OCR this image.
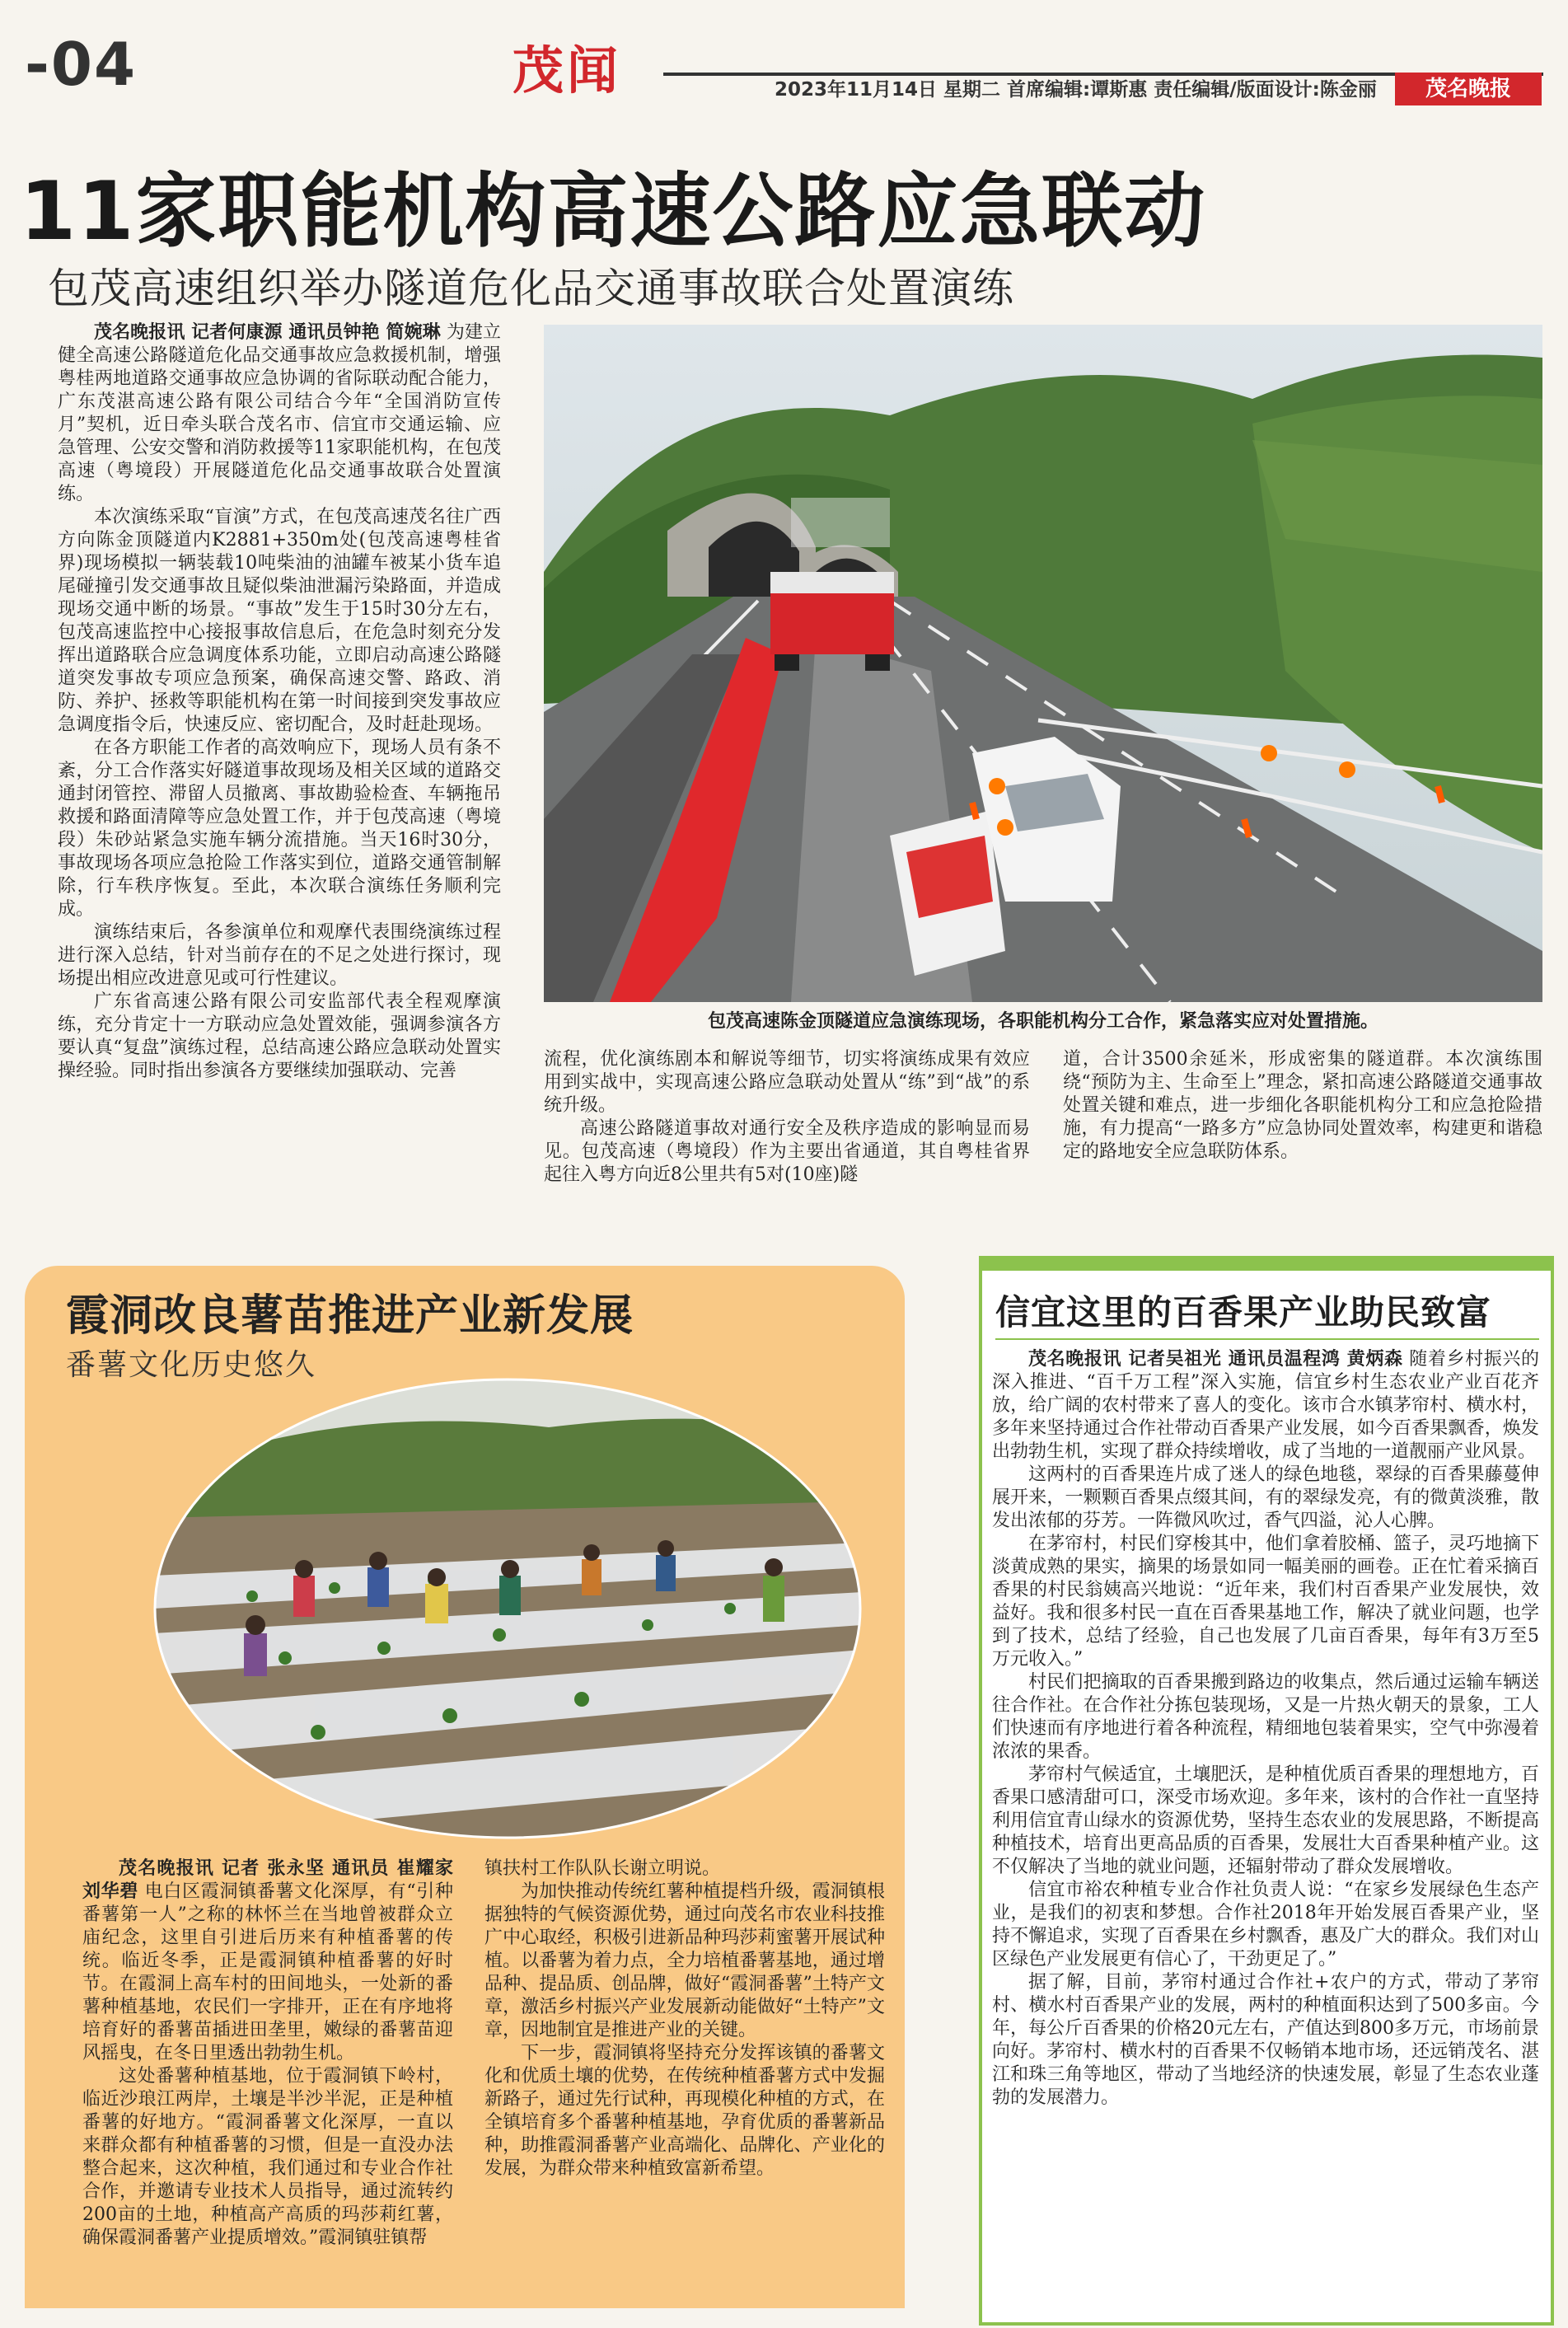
-04	茂闻	2023年11月14日 星期二 首席编辑:谭斯惠 责任编辑/版面设计:陈金丽	茂名晚报
11家职能机构高速公路应急联动
包茂高速组织举办隧道危化品交通事故联合处置演练

茂名晚报讯 记者何康源 通讯员钟艳 简婉琳 为建立健全高速公路隧道危化品交通事故应急救援机制，增强粤桂两地道路交通事故应急协调的省际联动配合能力，广东茂湛高速公路有限公司结合今年“全国消防宣传月”契机，近日牵头联合茂名市、信宜市交通运输、应急管理、公安交警和消防救援等11家职能机构，在包茂高速（粤境段）开展隧道危化品交通事故联合处置演练。

本次演练采取“盲演”方式，在包茂高速茂名往广西方向陈金顶隧道内K2881+350m处(包茂高速粤桂省界)现场模拟一辆装载10吨柴油的油罐车被某小货车追尾碰撞引发交通事故且疑似柴油泄漏污染路面，并造成现场交通中断的场景。“事故”发生于15时30分左右，包茂高速监控中心接报事故信息后，在危急时刻充分发挥出道路联合应急调度体系功能，立即启动高速公路隧道突发事故专项应急预案，确保高速交警、路政、消防、养护、拯救等职能机构在第一时间接到突发事故应急调度指令后，快速反应、密切配合，及时赶赴现场。

在各方职能工作者的高效响应下，现场人员有条不紊，分工合作落实好隧道事故现场及相关区域的道路交通封闭管控、滞留人员撤离、事故勘验检查、车辆拖吊救援和路面清障等应急处置工作，并于包茂高速（粤境段）朱砂站紧急实施车辆分流措施。当天16时30分，事故现场各项应急抢险工作落实到位，道路交通管制解除，行车秩序恢复。至此，本次联合演练任务顺利完成。

演练结束后，各参演单位和观摩代表围绕演练过程进行深入总结，针对当前存在的不足之处进行探讨，现场提出相应改进意见或可行性建议。

广东省高速公路有限公司安监部代表全程观摩演练，充分肯定十一方联动应急处置效能，强调参演各方要认真“复盘”演练过程，总结高速公路应急联动处置实操经验。同时指出参演各方要继续加强联动、完善

包茂高速陈金顶隧道应急演练现场，各职能机构分工合作，紧急落实应对处置措施。

流程，优化演练剧本和解说等细节，切实将演练成果有效应用到实战中，实现高速公路应急联动处置从“练”到“战”的系统升级。

高速公路隧道事故对通行安全及秩序造成的影响显而易见。包茂高速（粤境段）作为主要出省通道，其自粤桂省界起往入粤方向近8公里共有5对(10座)隧

道，合计3500余延米，形成密集的隧道群。本次演练围绕“预防为主、生命至上”理念，紧扣高速公路隧道交通事故处置关键和难点，进一步细化各职能机构分工和应急抢险措施，有力提高“一路多方”应急协同处置效率，构建更和谐稳定的路地安全应急联防体系。

霞洞改良薯苗推进产业新发展
番薯文化历史悠久

茂名晚报讯 记者 张永坚 通讯员 崔耀家 刘华碧 电白区霞洞镇番薯文化深厚，有“引种番薯第一人”之称的林怀兰在当地曾被群众立庙纪念，这里自引进后历来有种植番薯的传统。临近冬季，正是霞洞镇种植番薯的好时节。在霞洞上高车村的田间地头，一处新的番薯种植基地，农民们一字排开，正在有序地将培育好的番薯苗插进田垄里，嫩绿的番薯苗迎风摇曳，在冬日里透出勃勃生机。

这处番薯种植基地，位于霞洞镇下岭村，临近沙琅江两岸，土壤是半沙半泥，正是种植番薯的好地方。“霞洞番薯文化深厚，一直以来群众都有种植番薯的习惯，但是一直没办法整合起来，这次种植，我们通过和专业合作社合作，并邀请专业技术人员指导，通过流转约200亩的土地，种植高产高质的玛莎莉红薯，确保霞洞番薯产业提质增效。”霞洞镇驻镇帮

镇扶村工作队队长谢立明说。

为加快推动传统红薯种植提档升级，霞洞镇根据独特的气候资源优势，通过向茂名市农业科技推广中心取经，积极引进新品种玛莎莉蜜薯开展试种植。以番薯为着力点，全力培植番薯基地，通过增品种、提品质、创品牌，做好“霞洞番薯”土特产文章，激活乡村振兴产业发展新动能做好“土特产”文章，因地制宜是推进产业的关键。

下一步，霞洞镇将坚持充分发挥该镇的番薯文化和优质土壤的优势，在传统种植番薯方式中发掘新路子，通过先行试种，再现模化种植的方式，在全镇培育多个番薯种植基地，孕育优质的番薯新品种，助推霞洞番薯产业高端化、品牌化、产业化的发展，为群众带来种植致富新希望。

信宜这里的百香果产业助民致富

茂名晚报讯 记者吴祖光 通讯员温程鸿 黄炳森 随着乡村振兴的深入推进、“百千万工程”深入实施，信宜乡村生态农业产业百花齐放，给广阔的农村带来了喜人的变化。该市合水镇茅帘村、横水村，多年来坚持通过合作社带动百香果产业发展，如今百香果飘香，焕发出勃勃生机，实现了群众持续增收，成了当地的一道靓丽产业风景。

这两村的百香果连片成了迷人的绿色地毯，翠绿的百香果藤蔓伸展开来，一颗颗百香果点缀其间，有的翠绿发亮，有的微黄淡雅，散发出浓郁的芬芳。一阵微风吹过，香气四溢，沁人心脾。

在茅帘村，村民们穿梭其中，他们拿着胶桶、篮子，灵巧地摘下淡黄成熟的果实，摘果的场景如同一幅美丽的画卷。正在忙着采摘百香果的村民翁姨高兴地说：“近年来，我们村百香果产业发展快，效益好。我和很多村民一直在百香果基地工作，解决了就业问题，也学到了技术，总结了经验，自己也发展了几亩百香果，每年有3万至5万元收入。”

村民们把摘取的百香果搬到路边的收集点，然后通过运输车辆送往合作社。在合作社分拣包装现场，又是一片热火朝天的景象，工人们快速而有序地进行着各种流程，精细地包装着果实，空气中弥漫着浓浓的果香。

茅帘村气候适宜，土壤肥沃，是种植优质百香果的理想地方，百香果口感清甜可口，深受市场欢迎。多年来，该村的合作社一直坚持利用信宜青山绿水的资源优势，坚持生态农业的发展思路，不断提高种植技术，培育出更高品质的百香果，发展壮大百香果种植产业。这不仅解决了当地的就业问题，还辐射带动了群众发展增收。

信宜市裕农种植专业合作社负责人说：“在家乡发展绿色生态产业，是我们的初衷和梦想。合作社2018年开始发展百香果产业，坚持不懈追求，实现了百香果在乡村飘香，惠及广大的群众。我们对山区绿色产业发展更有信心了，干劲更足了。”

据了解，目前，茅帘村通过合作社+农户的方式，带动了茅帘村、横水村百香果产业的发展，两村的种植面积达到了500多亩。今年，每公斤百香果的价格20元左右，产值达到800多万元，市场前景向好。茅帘村、横水村的百香果不仅畅销本地市场，还远销茂名、湛江和珠三角等地区，带动了当地经济的快速发展，彰显了生态农业蓬勃的发展潜力。
